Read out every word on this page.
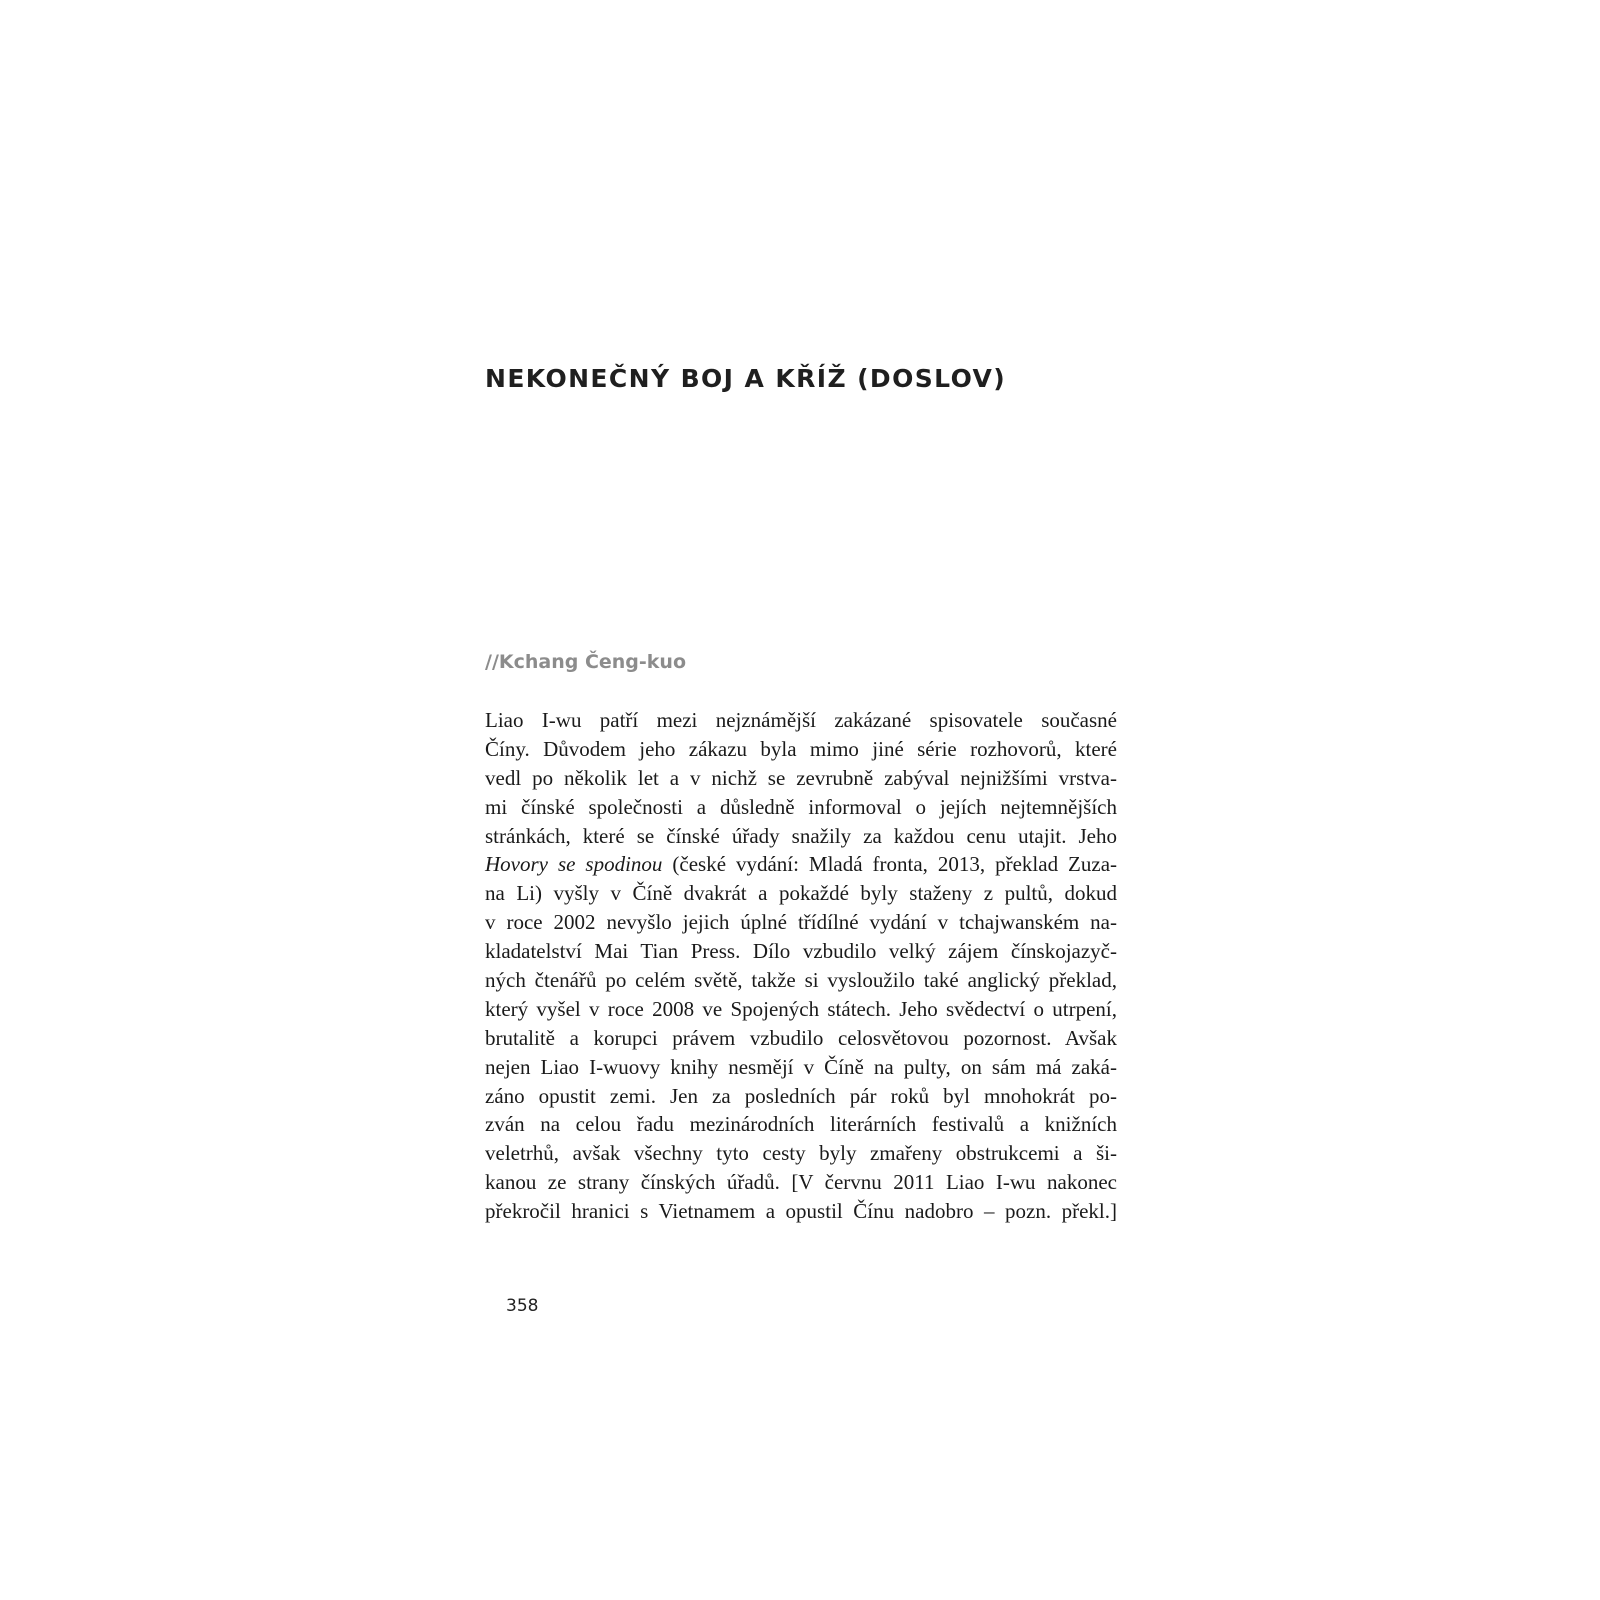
NEKONEČNÝ BOJ A KŘÍŽ (DOSLOV)

//Kchang Čeng-kuo

Liao I-wu patří mezi nejznámější zakázané spisovatele současné
Číny. Důvodem jeho zákazu byla mimo jiné série rozhovorů, které
vedl po několik let a v nichž se zevrubně zabýval nejnižšími vrstva-
mi čínské společnosti a důsledně informoval o jejích nejtemnějších
stránkách, které se čínské úřady snažily za každou cenu utajit. Jeho
Hovory se spodinou (české vydání: Mladá fronta, 2013, překlad Zuza-
na Li) vyšly v Číně dvakrát a pokaždé byly staženy z pultů, dokud
v roce 2002 nevyšlo jejich úplné třídílné vydání v tchajwanském na-
kladatelství Mai Tian Press. Dílo vzbudilo velký zájem čínskojazyč-
ných čtenářů po celém světě, takže si vysloužilo také anglický překlad,
který vyšel v roce 2008 ve Spojených státech. Jeho svědectví o utrpení,
brutalitě a korupci právem vzbudilo celosvětovou pozornost. Avšak
nejen Liao I-wuovy knihy nesmějí v Číně na pulty, on sám má zaká-
záno opustit zemi. Jen za posledních pár roků byl mnohokrát po-
zván na celou řadu mezinárodních literárních festivalů a knižních
veletrhů, avšak všechny tyto cesty byly zmařeny obstrukcemi a ši-
kanou ze strany čínských úřadů. [V červnu 2011 Liao I-wu nakonec
překročil hranici s Vietnamem a opustil Čínu nadobro – pozn. překl.]

358
